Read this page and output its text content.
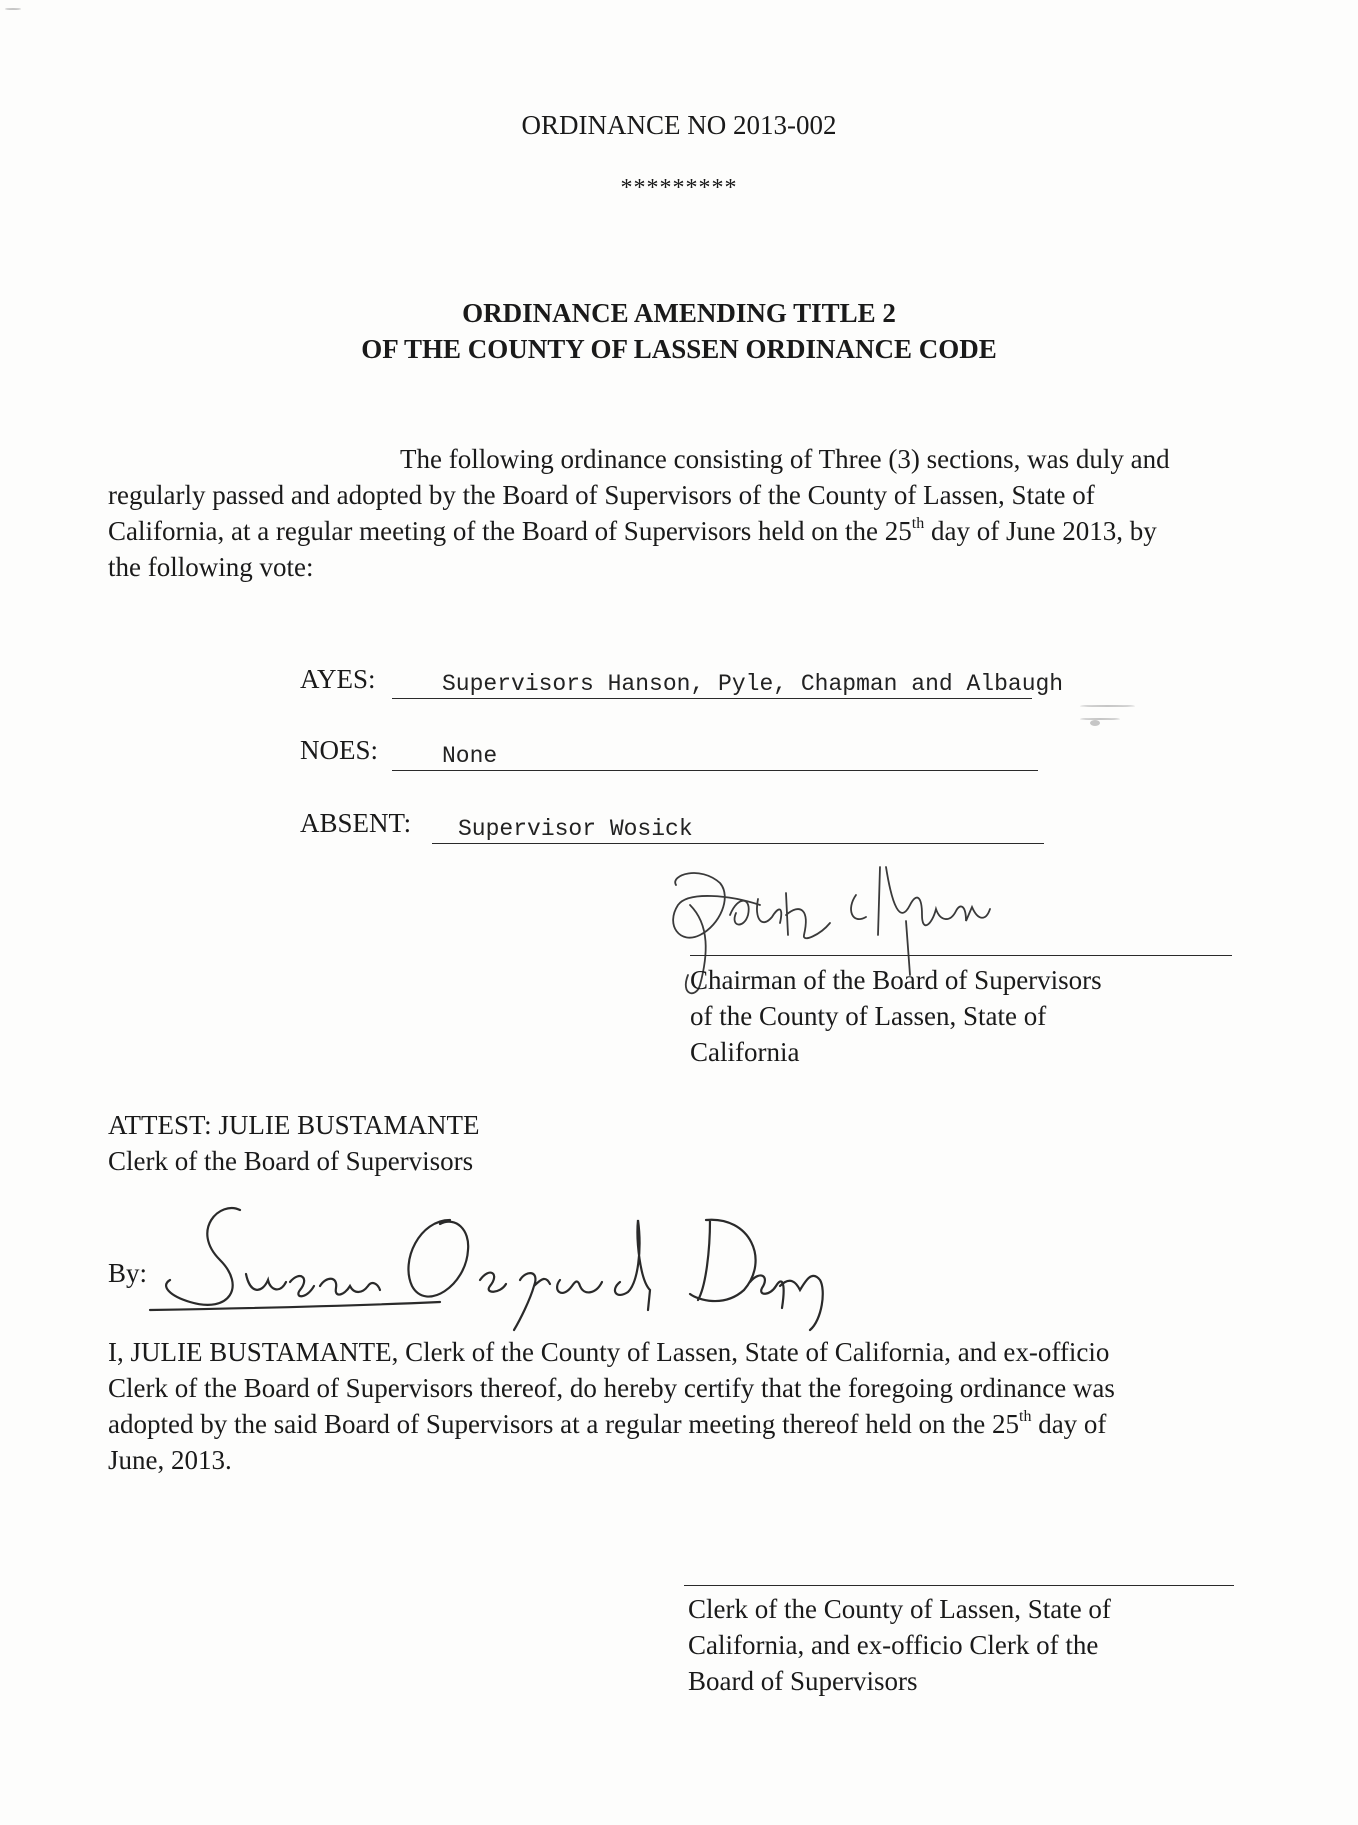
ORDINANCE NO 2013-002
*********
ORDINANCE AMENDING TITLE 2
OF THE COUNTY OF LASSEN ORDINANCE CODE
The following ordinance consisting of Three (3) sections, was duly and
regularly passed and adopted by the Board of Supervisors of the County of Lassen, State of
California, at a regular meeting of the Board of Supervisors held on the 25th day of June 2013, by
the following vote:
AYES:	Supervisors Hanson, Pyle, Chapman and Albaugh
NOES:	None
ABSENT: Supervisor Wosick
Chairman of the Board of Supervisors
of the County of Lassen, State of
California
ATTEST: JULIE BUSTAMANTE
Clerk of the Board of Supervisors
By:
I, JULIE BUSTAMANTE, Clerk of the County of Lassen, State of California, and ex-officio
Clerk of the Board of Supervisors thereof, do hereby certify that the foregoing ordinance was
adopted by the said Board of Supervisors at a regular meeting thereof held on the 25th day of
June, 2013.
Clerk of the County of Lassen, State of
California, and ex-officio Clerk of the
Board of Supervisors
